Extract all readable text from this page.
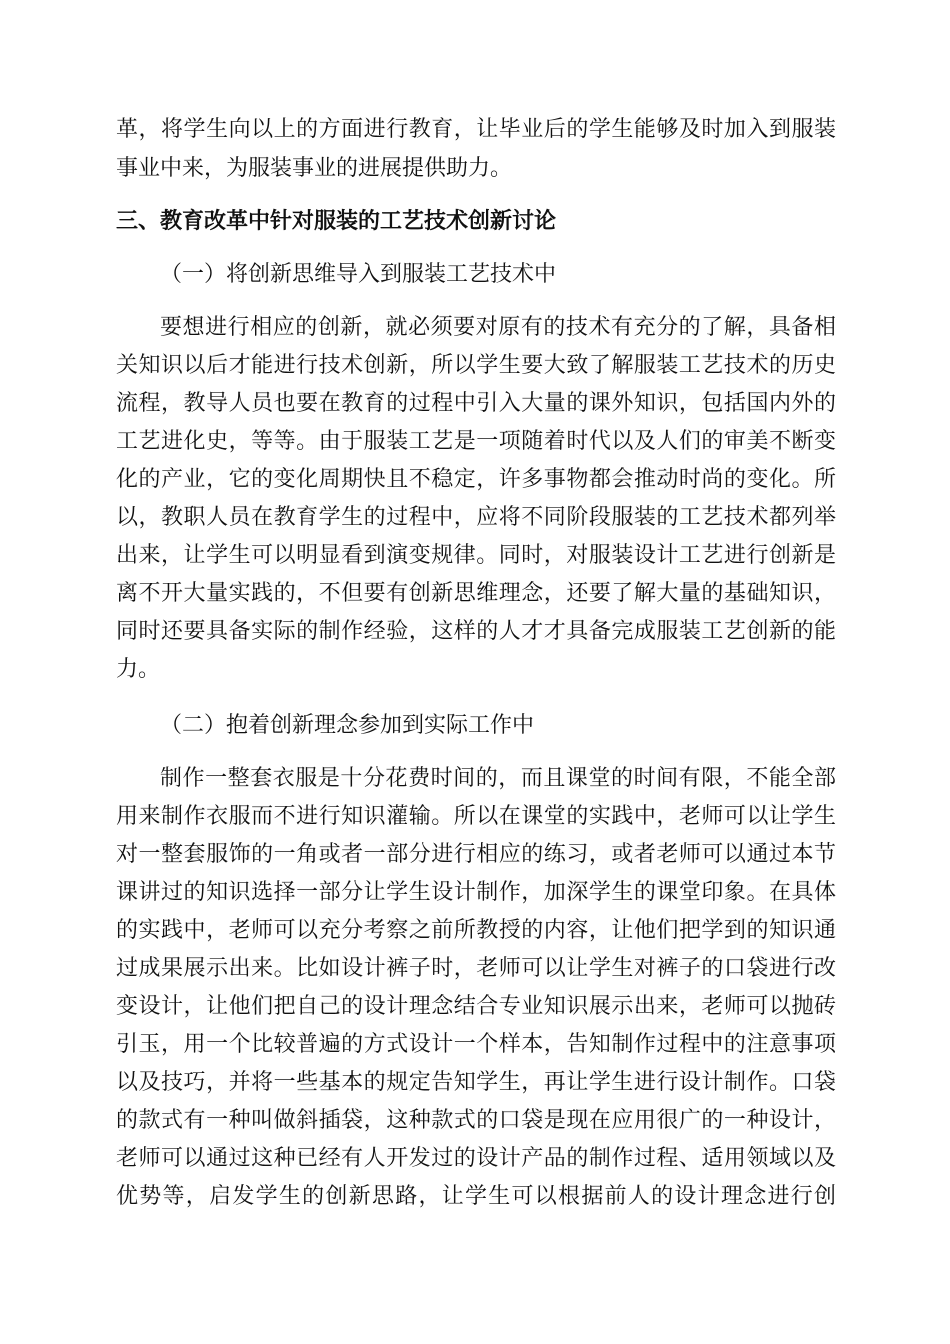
革，将学生向以上的方面进行教育，让毕业后的学生能够及时加入到服装
事业中来，为服装事业的进展提供助力。
三、教育改革中针对服装的工艺技术创新讨论
（一）将创新思维导入到服装工艺技术中
要想进行相应的创新，就必须要对原有的技术有充分的了解，具备相
关知识以后才能进行技术创新，所以学生要大致了解服装工艺技术的历史
流程，教导人员也要在教育的过程中引入大量的课外知识，包括国内外的
工艺进化史，等等。由于服装工艺是一项随着时代以及人们的审美不断变
化的产业，它的变化周期快且不稳定，许多事物都会推动时尚的变化。所
以，教职人员在教育学生的过程中，应将不同阶段服装的工艺技术都列举
出来，让学生可以明显看到演变规律。同时，对服装设计工艺进行创新是
离不开大量实践的，不但要有创新思维理念，还要了解大量的基础知识，
同时还要具备实际的制作经验，这样的人才才具备完成服装工艺创新的能
力。
（二）抱着创新理念参加到实际工作中
制作一整套衣服是十分花费时间的，而且课堂的时间有限，不能全部
用来制作衣服而不进行知识灌输。所以在课堂的实践中，老师可以让学生
对一整套服饰的一角或者一部分进行相应的练习，或者老师可以通过本节
课讲过的知识选择一部分让学生设计制作，加深学生的课堂印象。在具体
的实践中，老师可以充分考察之前所教授的内容，让他们把学到的知识通
过成果展示出来。比如设计裤子时，老师可以让学生对裤子的口袋进行改
变设计，让他们把自己的设计理念结合专业知识展示出来，老师可以抛砖
引玉，用一个比较普遍的方式设计一个样本，告知制作过程中的注意事项
以及技巧，并将一些基本的规定告知学生，再让学生进行设计制作。口袋
的款式有一种叫做斜插袋，这种款式的口袋是现在应用很广的一种设计，
老师可以通过这种已经有人开发过的设计产品的制作过程、适用领域以及
优势等，启发学生的创新思路，让学生可以根据前人的设计理念进行创
